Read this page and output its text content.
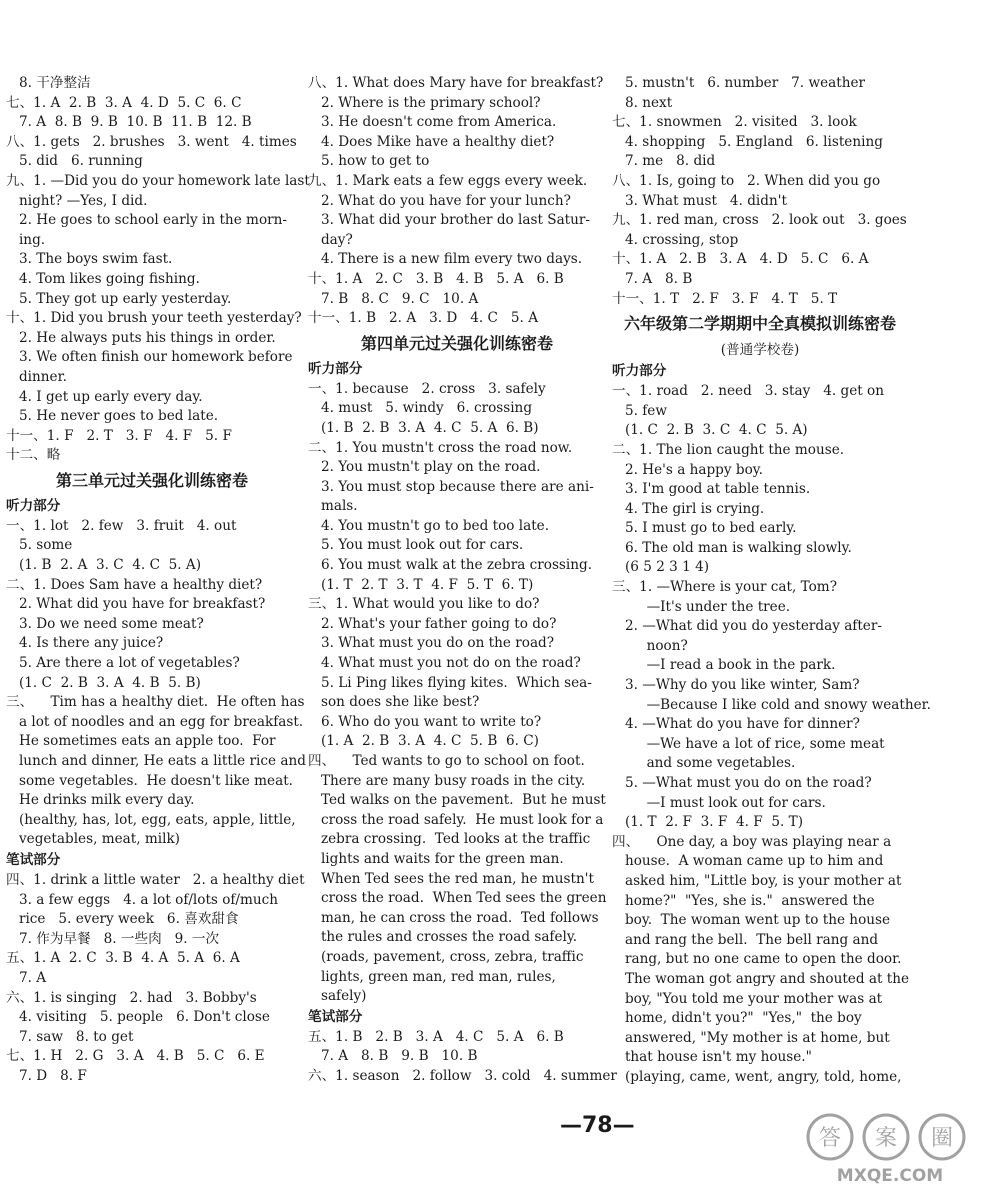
8. 干净整洁
七、1. A  2. B  3. A  4. D  5. C  6. C
7. A  8. B  9. B  10. B  11. B  12. B
八、1. gets   2. brushes   3. went   4. times
5. did   6. running
九、1. —Did you do your homework late last
night? —Yes, I did.
2. He goes to school early in the morn-
ing.
3. The boys swim fast.
4. Tom likes going fishing.
5. They got up early yesterday.
十、1. Did you brush your teeth yesterday?
2. He always puts his things in order.
3. We often finish our homework before
dinner.
4. I get up early every day.
5. He never goes to bed late.
十一、1. F   2. T   3. F   4. F   5. F
十二、略
第三单元过关强化训练密卷
听力部分
一、1. lot   2. few   3. fruit   4. out
5. some
(1. B  2. A  3. C  4. C  5. A)
二、1. Does Sam have a healthy diet?
2. What did you have for breakfast?
3. Do we need some meat?
4. Is there any juice?
5. Are there a lot of vegetables?
(1. C  2. B  3. A  4. B  5. B)
三、    Tim has a healthy diet.  He often has
a lot of noodles and an egg for breakfast.
He sometimes eats an apple too.  For
lunch and dinner, He eats a little rice and
some vegetables.  He doesn't like meat.
He drinks milk every day.
(healthy, has, lot, egg, eats, apple, little,
vegetables, meat, milk)
笔试部分
四、1. drink a little water   2. a healthy diet
3. a few eggs   4. a lot of/lots of/much
rice   5. every week   6. 喜欢甜食
7. 作为早餐   8. 一些肉   9. 一次
五、1. A  2. C  3. B  4. A  5. A  6. A
7. A
六、1. is singing   2. had   3. Bobby's
4. visiting   5. people   6. Don't close
7. saw   8. to get
七、1. H   2. G   3. A   4. B   5. C   6. E
7. D   8. F
八、1. What does Mary have for breakfast?
2. Where is the primary school?
3. He doesn't come from America.
4. Does Mike have a healthy diet?
5. how to get to
九、1. Mark eats a few eggs every week.
2. What do you have for your lunch?
3. What did your brother do last Satur-
day?
4. There is a new film every two days.
十、1. A   2. C   3. B   4. B   5. A   6. B
7. B   8. C   9. C   10. A
十一、1. B   2. A   3. D   4. C   5. A
第四单元过关强化训练密卷
听力部分
一、1. because   2. cross   3. safely
4. must   5. windy   6. crossing
(1. B  2. B  3. A  4. C  5. A  6. B)
二、1. You mustn't cross the road now.
2. You mustn't play on the road.
3. You must stop because there are ani-
mals.
4. You mustn't go to bed too late.
5. You must look out for cars.
6. You must walk at the zebra crossing.
(1. T  2. T  3. T  4. F  5. T  6. T)
三、1. What would you like to do?
2. What's your father going to do?
3. What must you do on the road?
4. What must you not do on the road?
5. Li Ping likes flying kites.  Which sea-
son does she like best?
6. Who do you want to write to?
(1. A  2. B  3. A  4. C  5. B  6. C)
四、    Ted wants to go to school on foot.
There are many busy roads in the city.
Ted walks on the pavement.  But he must
cross the road safely.  He must look for a
zebra crossing.  Ted looks at the traffic
lights and waits for the green man.
When Ted sees the red man, he mustn't
cross the road.  When Ted sees the green
man, he can cross the road.  Ted follows
the rules and crosses the road safely.
(roads, pavement, cross, zebra, traffic
lights, green man, red man, rules,
safely)
笔试部分
五、1. B   2. B   3. A   4. C   5. A   6. B
7. A   8. B   9. B   10. B
六、1. season   2. follow   3. cold   4. summer
5. mustn't   6. number   7. weather
8. next
七、1. snowmen   2. visited   3. look
4. shopping   5. England   6. listening
7. me   8. did
八、1. Is, going to   2. When did you go
3. What must   4. didn't
九、1. red man, cross   2. look out   3. goes
4. crossing, stop
十、1. A   2. B   3. A   4. D   5. C   6. A
7. A   8. B
十一、1. T   2. F   3. F   4. T   5. T
六年级第二学期期中全真模拟训练密卷
(普通学校卷)
听力部分
一、1. road   2. need   3. stay   4. get on
5. few
(1. C  2. B  3. C  4. C  5. A)
二、1. The lion caught the mouse.
2. He's a happy boy.
3. I'm good at table tennis.
4. The girl is crying.
5. I must go to bed early.
6. The old man is walking slowly.
(6 5 2 3 1 4)
三、1. —Where is your cat, Tom?
—It's under the tree.
2. —What did you do yesterday after-
noon?
—I read a book in the park.
3. —Why do you like winter, Sam?
—Because I like cold and snowy weather.
4. —What do you have for dinner?
—We have a lot of rice, some meat
and some vegetables.
5. —What must you do on the road?
—I must look out for cars.
(1. T  2. F  3. F  4. F  5. T)
四、    One day, a boy was playing near a
house.  A woman came up to him and
asked him, "Little boy, is your mother at
home?"  "Yes, she is."  answered the
boy.  The woman went up to the house
and rang the bell.  The bell rang and
rang, but no one came to open the door.
The woman got angry and shouted at the
boy, "You told me your mother was at
home, didn't you?"  "Yes,"  the boy
answered, "My mother is at home, but
that house isn't my house."
(playing, came, went, angry, told, home,
—78—
答 案 圈
MXQE.COM
